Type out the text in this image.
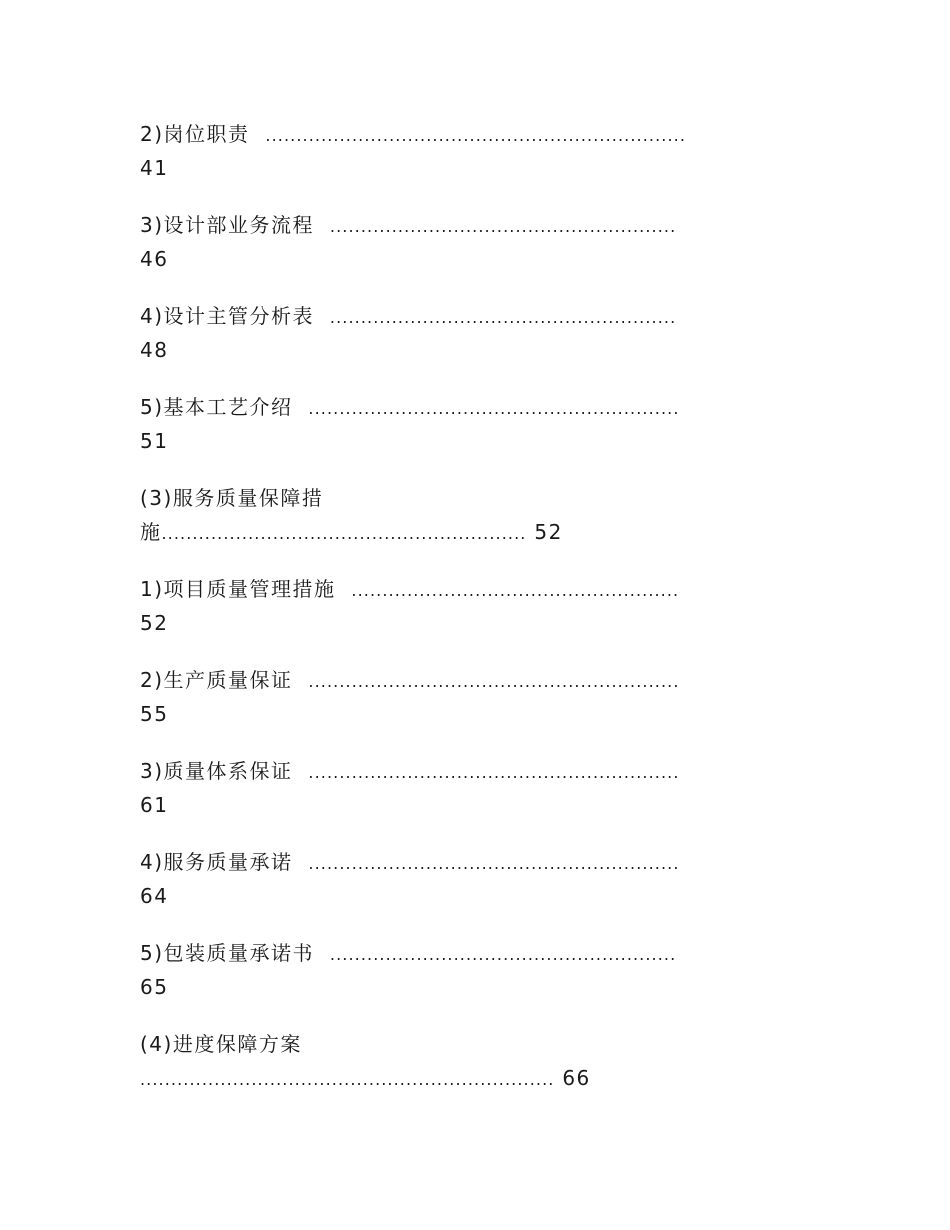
2)岗位职责 ....................................................................
41
3)设计部业务流程 ........................................................
46
4)设计主管分析表 ........................................................
48
5)基本工艺介绍 ............................................................
51
(3)服务质量保障措
施........................................................... 52
1)项目质量管理措施 .....................................................
52
2)生产质量保证 ............................................................
55
3)质量体系保证 ............................................................
61
4)服务质量承诺 ............................................................
64
5)包装质量承诺书 ........................................................
65
(4)进度保障方案
................................................................... 66
